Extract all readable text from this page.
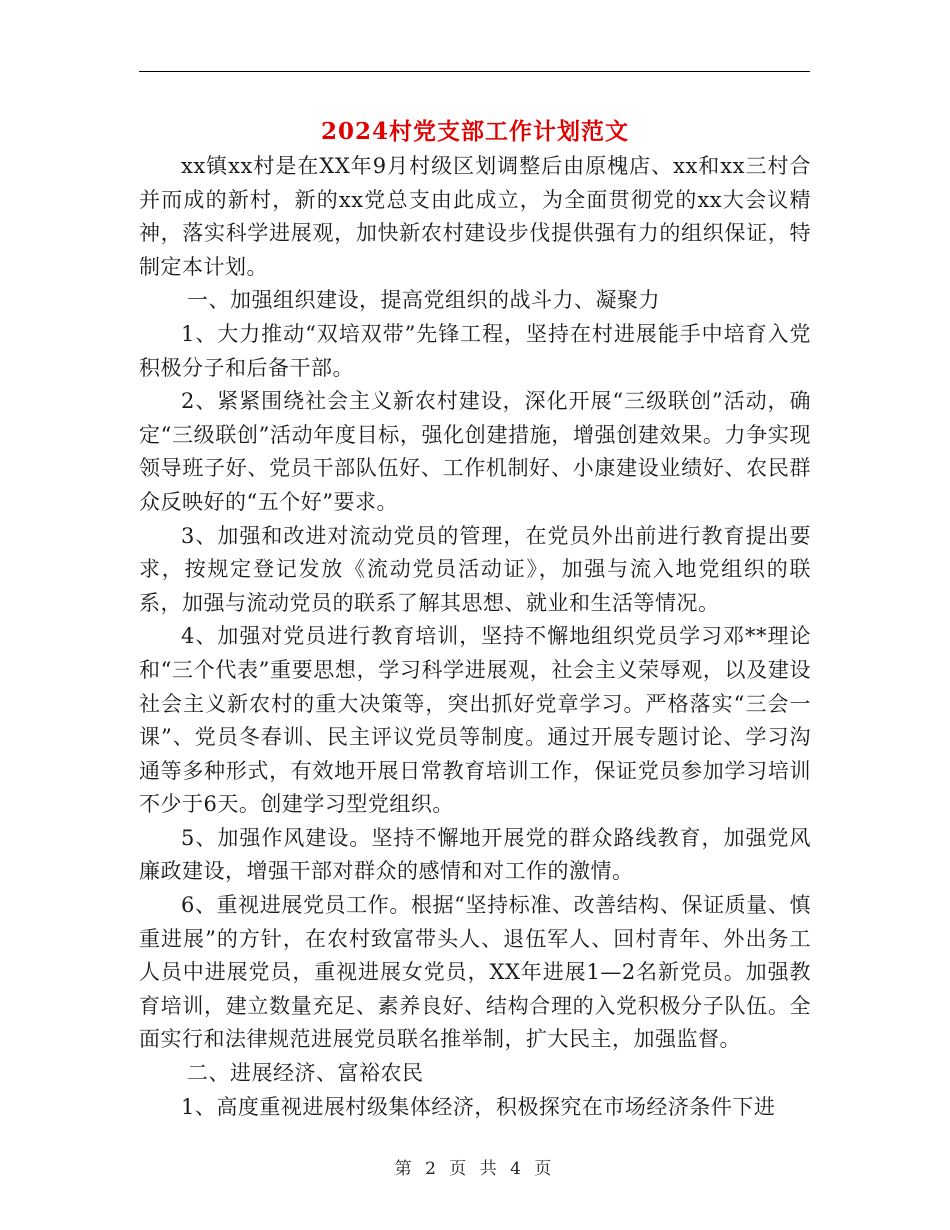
2024村党支部工作计划范文

xx镇xx村是在XX年9月村级区划调整后由原槐店、xx和xx三村合并而成的新村，新的xx党总支由此成立，为全面贯彻党的xx大会议精神，落实科学进展观，加快新农村建设步伐提供强有力的组织保证，特制定本计划。

一、加强组织建设，提高党组织的战斗力、凝聚力

1、大力推动“双培双带”先锋工程，坚持在村进展能手中培育入党积极分子和后备干部。

2、紧紧围绕社会主义新农村建设，深化开展“三级联创”活动，确定“三级联创”活动年度目标，强化创建措施，增强创建效果。力争实现领导班子好、党员干部队伍好、工作机制好、小康建设业绩好、农民群众反映好的“五个好”要求。

3、加强和改进对流动党员的管理，在党员外出前进行教育提出要求，按规定登记发放《流动党员活动证》，加强与流入地党组织的联系，加强与流动党员的联系了解其思想、就业和生活等情况。

4、加强对党员进行教育培训，坚持不懈地组织党员学习邓**理论和“三个代表”重要思想，学习科学进展观，社会主义荣辱观，以及建设社会主义新农村的重大决策等，突出抓好党章学习。严格落实“三会一课”、党员冬春训、民主评议党员等制度。通过开展专题讨论、学习沟通等多种形式，有效地开展日常教育培训工作，保证党员参加学习培训不少于6天。创建学习型党组织。

5、加强作风建设。坚持不懈地开展党的群众路线教育，加强党风廉政建设，增强干部对群众的感情和对工作的激情。

6、重视进展党员工作。根据“坚持标准、改善结构、保证质量、慎重进展”的方针，在农村致富带头人、退伍军人、回村青年、外出务工人员中进展党员，重视进展女党员，XX年进展1—2名新党员。加强教育培训，建立数量充足、素养良好、结构合理的入党积极分子队伍。全面实行和法律规范进展党员联名推举制，扩大民主，加强监督。

二、进展经济、富裕农民

1、高度重视进展村级集体经济，积极探究在市场经济条件下进

第 2 页 共 4 页
